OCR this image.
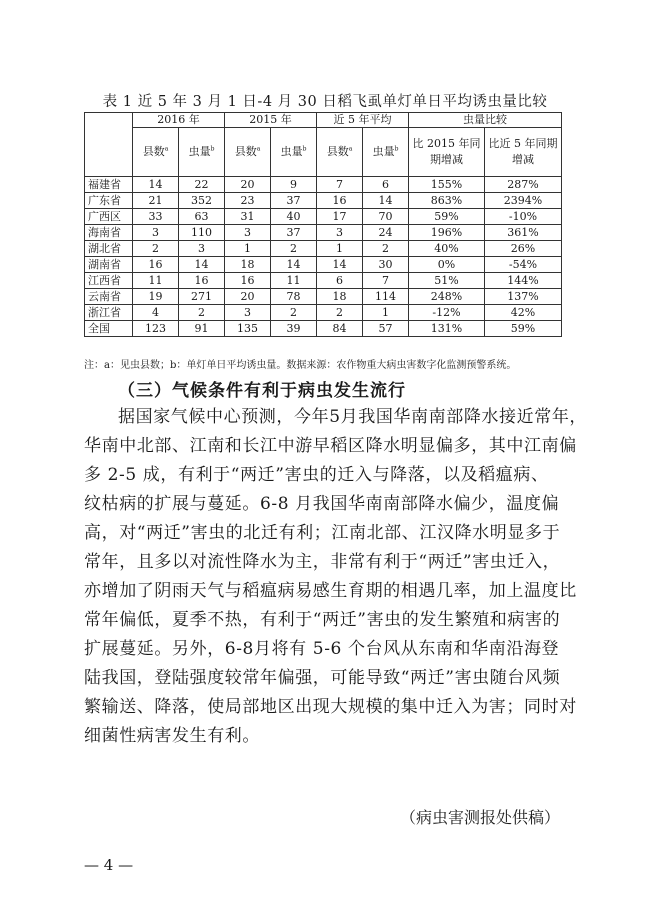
表 1 近 5 年 3 月 1 日-4 月 30 日稻飞虱单灯单日平均诱虫量比较
	2016 年		2015 年		近 5 年平均		虫量比较	
	县数$^a$	虫量$^b$	县数$^a$	虫量$^b$	县数$^a$	虫量$^b$	比 2015 年同期增减	比近 5 年同期增减
福建省	14	22	20	9	7	6	155%	287%
广东省	21	352	23	37	16	14	863%	2394%
广西区	33	63	31	40	17	70	59%	-10%
海南省	3	110	3	37	3	24	196%	361%
湖北省	2	3	1	2	1	2	40%	26%
湖南省	16	14	18	14	14	30	0%	-54%
江西省	11	16	16	11	6	7	51%	144%
云南省	19	271	20	78	18	114	248%	137%
浙江省	4	2	3	2	2	1	-12%	42%
全国	123	91	135	39	84	57	131%	59%
注：a：见虫县数；b：单灯单日平均诱虫量。数据来源：农作物重大病虫害数字化监测预警系统。
（三）气候条件有利于病虫发生流行
据国家气候中心预测，今年5月我国华南南部降水接近常年，
华南中北部、江南和长江中游早稻区降水明显偏多，其中江南偏
多 2-5 成，有利于“两迁”害虫的迁入与降落，以及稻瘟病、
纹枯病的扩展与蔓延。6-8 月我国华南南部降水偏少，温度偏
高，对“两迁”害虫的北迁有利；江南北部、江汉降水明显多于
常年，且多以对流性降水为主，非常有利于“两迁”害虫迁入，
亦增加了阴雨天气与稻瘟病易感生育期的相遇几率，加上温度比
常年偏低，夏季不热，有利于“两迁”害虫的发生繁殖和病害的
扩展蔓延。另外，6-8月将有 5-6 个台风从东南和华南沿海登
陆我国，登陆强度较常年偏强，可能导致“两迁”害虫随台风频
繁输送、降落，使局部地区出现大规模的集中迁入为害；同时对
细菌性病害发生有利。
（病虫害测报处供稿）
— 4 —
